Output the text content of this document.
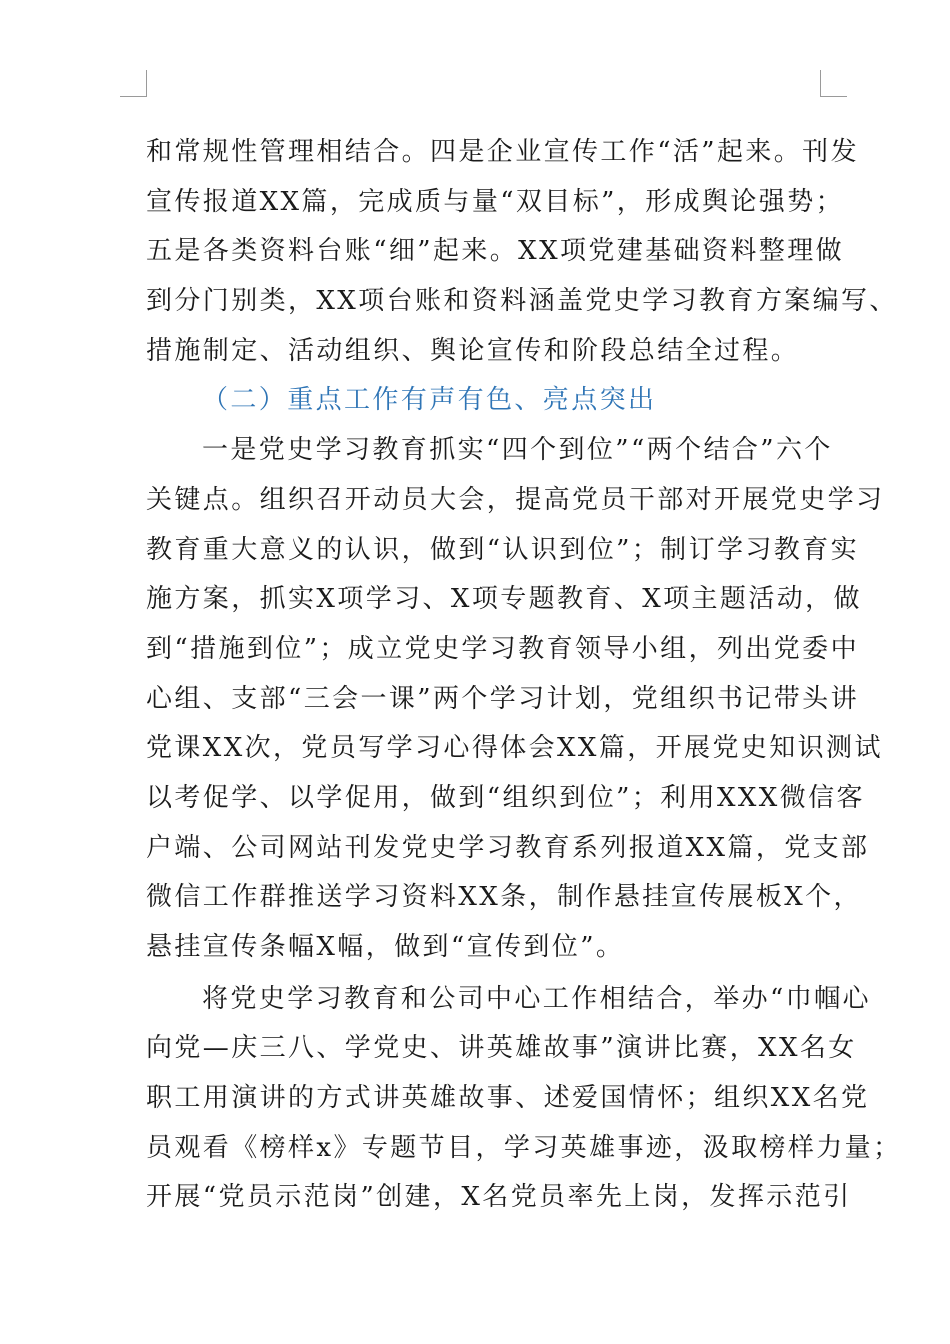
和常规性管理相结合。四是企业宣传工作“活”起来。刊发
宣传报道XX篇，完成质与量“双目标”，形成舆论强势；
五是各类资料台账“细”起来。XX项党建基础资料整理做
到分门别类，XX项台账和资料涵盖党史学习教育方案编写、
措施制定、活动组织、舆论宣传和阶段总结全过程。
（二）重点工作有声有色、亮点突出
一是党史学习教育抓实“四个到位”“两个结合”六个
关键点。组织召开动员大会，提高党员干部对开展党史学习
教育重大意义的认识，做到“认识到位”；制订学习教育实
施方案，抓实X项学习、X项专题教育、X项主题活动，做
到“措施到位”；成立党史学习教育领导小组，列出党委中
心组、支部“三会一课”两个学习计划，党组织书记带头讲
党课XX次，党员写学习心得体会XX篇，开展党史知识测试
以考促学、以学促用，做到“组织到位”；利用XXX微信客
户端、公司网站刊发党史学习教育系列报道XX篇，党支部
微信工作群推送学习资料XX条，制作悬挂宣传展板X个，
悬挂宣传条幅X幅，做到“宣传到位”。
将党史学习教育和公司中心工作相结合，举办“巾帼心
向党—庆三八、学党史、讲英雄故事”演讲比赛，XX名女
职工用演讲的方式讲英雄故事、述爱国情怀；组织XX名党
员观看《榜样x》专题节目，学习英雄事迹，汲取榜样力量；
开展“党员示范岗”创建，X名党员率先上岗，发挥示范引
